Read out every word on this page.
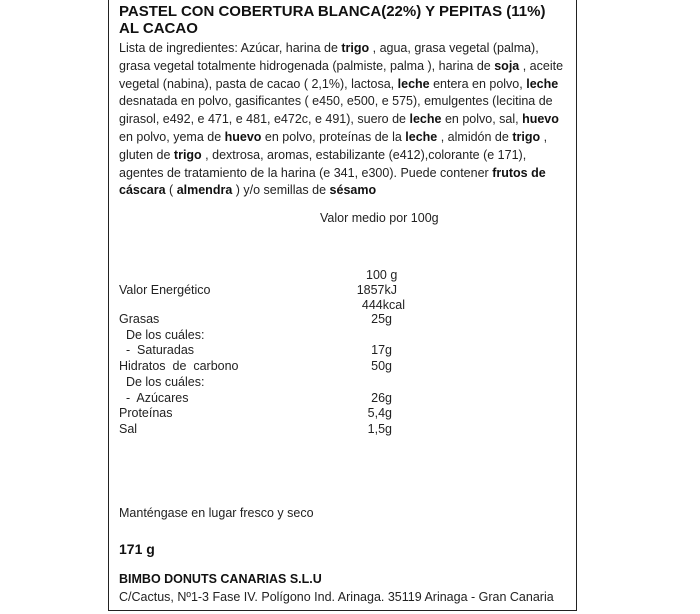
PASTEL CON COBERTURA BLANCA(22%) Y PEPITAS (11%)
AL CACAO
Lista de ingredientes: Azúcar, harina de trigo , agua, grasa vegetal (palma), grasa vegetal totalmente hidrogenada (palmiste, palma ), harina de soja , aceite vegetal (nabina), pasta de cacao ( 2,1%), lactosa, leche entera en polvo, leche desnatada en polvo, gasificantes ( e450, e500, e 575), emulgentes (lecitina de girasol, e492, e 471, e 481, e472c, e 491), suero de leche en polvo, sal, huevo en polvo, yema de huevo en polvo, proteínas de la leche , almidón de trigo , gluten de trigo , dextrosa, aromas, estabilizante (e412),colorante (e 171), agentes de tratamiento de la harina (e 341, e300). Puede contener frutos de cáscara ( almendra ) y/o semillas de sésamo
Valor medio por 100g
100 g
Valor Energético	1857kJ
444kcal
Grasas	25g
De los cuáles:
-  Saturadas	17g
Hidratos  de  carbono	50g
De los cuáles:
-  Azúcares	26g
Proteínas	5,4g
Sal	1,5g
Manténgase en lugar fresco y seco
171 g
BIMBO DONUTS CANARIAS S.L.U
C/Cactus, Nº1-3 Fase IV. Polígono Ind. Arinaga. 35119 Arinaga - Gran Canaria
